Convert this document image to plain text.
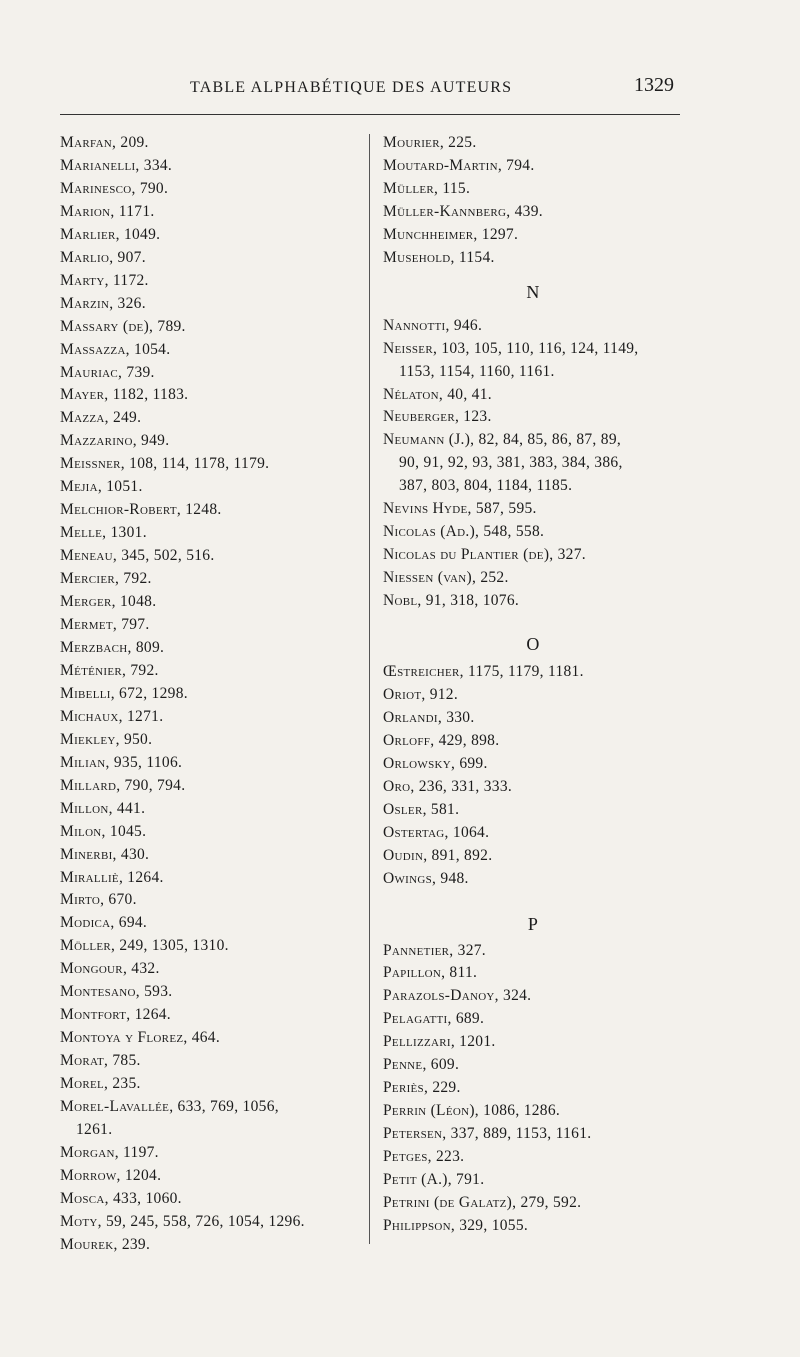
TABLE ALPHABÉTIQUE DES AUTEURS	1329
Marfan, 209.
Marianelli, 334.
Marinesco, 790.
Marion, 1171.
Marlier, 1049.
Marlio, 907.
Marty, 1172.
Marzin, 326.
Massary (de), 789.
Massazza, 1054.
Mauriac, 739.
Mayer, 1182, 1183.
Mazza, 249.
Mazzarino, 949.
Meissner, 108, 114, 1178, 1179.
Mejia, 1051.
Melchior-Robert, 1248.
Melle, 1301.
Meneau, 345, 502, 516.
Mercier, 792.
Merger, 1048.
Mermet, 797.
Merzbach, 809.
Méténier, 792.
Mibelli, 672, 1298.
Michaux, 1271.
Miekley, 950.
Milian, 935, 1106.
Millard, 790, 794.
Millon, 441.
Milon, 1045.
Minerbi, 430.
Miralliè, 1264.
Mirto, 670.
Modica, 694.
Möller, 249, 1305, 1310.
Mongour, 432.
Montesano, 593.
Montfort, 1264.
Montoya y Florez, 464.
Morat, 785.
Morel, 235.
Morel-Lavallée, 633, 769, 1056,
1261.
Morgan, 1197.
Morrow, 1204.
Mosca, 433, 1060.
Moty, 59, 245, 558, 726, 1054, 1296.
Mourek, 239.
Mourier, 225.
Moutard-Martin, 794.
Müller, 115.
Müller-Kannberg, 439.
Munchheimer, 1297.
Musehold, 1154.
N
Nannotti, 946.
Neisser, 103, 105, 110, 116, 124, 1149,
1153, 1154, 1160, 1161.
Nélaton, 40, 41.
Neuberger, 123.
Neumann (J.), 82, 84, 85, 86, 87, 89,
90, 91, 92, 93, 381, 383, 384, 386,
387, 803, 804, 1184, 1185.
Nevins Hyde, 587, 595.
Nicolas (Ad.), 548, 558.
Nicolas du Plantier (de), 327.
Niessen (van), 252.
Nobl, 91, 318, 1076.
O
Œstreicher, 1175, 1179, 1181.
Oriot, 912.
Orlandi, 330.
Orloff, 429, 898.
Orlowsky, 699.
Oro, 236, 331, 333.
Osler, 581.
Ostertag, 1064.
Oudin, 891, 892.
Owings, 948.
P
Pannetier, 327.
Papillon, 811.
Parazols-Danoy, 324.
Pelagatti, 689.
Pellizzari, 1201.
Penne, 609.
Periès, 229.
Perrin (Léon), 1086, 1286.
Petersen, 337, 889, 1153, 1161.
Petges, 223.
Petit (A.), 791.
Petrini (de Galatz), 279, 592.
Philippson, 329, 1055.
